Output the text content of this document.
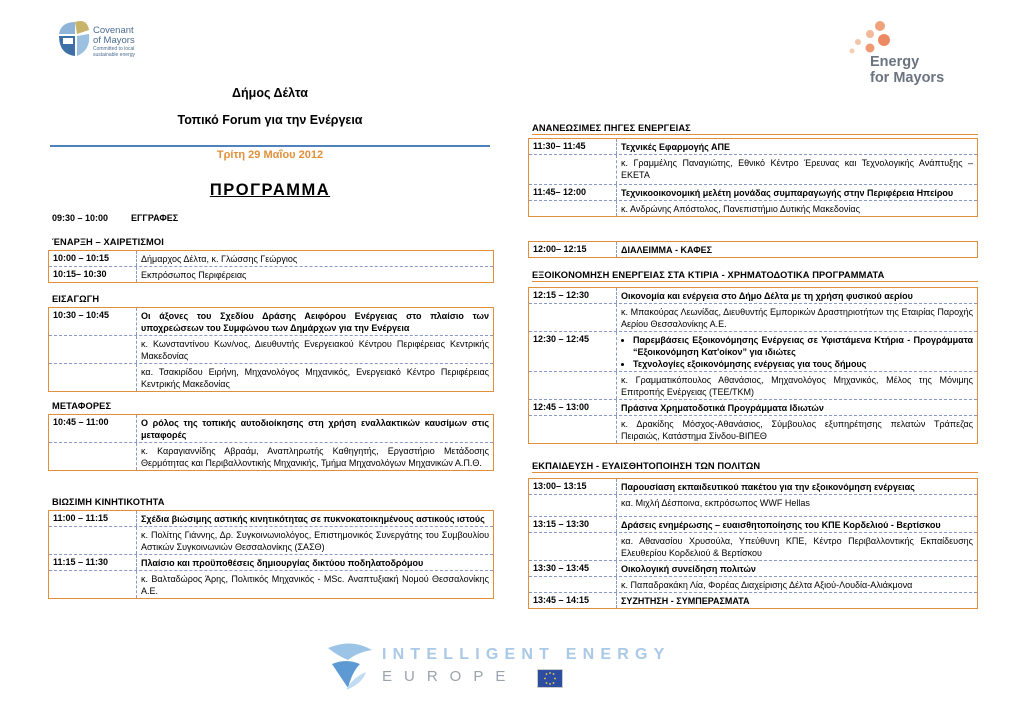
Covenant
of Mayors
Committed to local
sustainable energy	Energy
for Mayors
Δήμος Δέλτα
Τοπικό Forum για την Ενέργεια
Τρίτη 29 Μαΐου 2012
ΠΡΟΓΡΑΜΜΑ
09:30 – 10:00	ΕΓΓΡΑΦΕΣ
ΈΝΑΡΞΗ – ΧΑΙΡΕΤΙΣΜΟΙ
10:00 – 10:15	Δήμαρχος Δέλτα, κ. Γλώσσης Γεώργιος
10:15– 10:30	Εκπρόσωπος Περιφέρειας
ΕΙΣΑΓΩΓΗ
10:30 – 10:45	Οι άξονες του Σχεδίου Δράσης Αειφόρου Ενέργειας στο πλαίσιο των υποχρεώσεων του Συμφώνου των Δημάρχων για την Ενέργεια
κ. Κωνσταντίνου Κων/νος, Διευθυντής Ενεργειακού Κέντρου Περιφέρειας Κεντρικής Μακεδονίας
κα. Τσακιρίδου Ειρήνη, Μηχανολόγος Μηχανικός, Ενεργειακό Κέντρο Περιφέρειας Κεντρικής Μακεδονίας
ΜΕΤΑΦΟΡΕΣ
10:45 – 11:00	Ο ρόλος της τοπικής αυτοδιοίκησης στη χρήση εναλλακτικών καυσίμων στις μεταφορές
κ. Καραγιαννίδης Αβραάμ, Αναπληρωτής Καθηγητής, Εργαστήριο Μετάδοσης Θερμότητας και Περιβαλλοντικής Μηχανικής, Τμήμα Μηχανολόγων Μηχανικών Α.Π.Θ.
ΒΙΩΣΙΜΗ ΚΙΝΗΤΙΚΟΤΗΤΑ
11:00 – 11:15	Σχέδια βιώσιμης αστικής κινητικότητας σε πυκνοκατοικημένους αστικούς ιστούς
κ. Πολίτης Γιάννης, Δρ. Συγκοινωνιολόγος, Επιστημονικός Συνεργάτης του Συμβουλίου Αστικών Συγκοινωνιών Θεσσαλονίκης (ΣΑΣΘ)
11:15 – 11:30	Πλαίσιο και προϋποθέσεις δημιουργίας δικτύου ποδηλατοδρόμου
κ. Βαλταδώρος Άρης, Πολιτικός Μηχανικός - MSc. Αναπτυξιακή Νομού Θεσσαλονίκης Α.Ε.
ΑΝΑΝΕΩΣΙΜΕΣ ΠΗΓΕΣ ΕΝΕΡΓΕΙΑΣ
11:30– 11:45	Τεχνικές Εφαρμογής ΑΠΕ
κ. Γραμμέλης Παναγιώτης, Εθνικό Κέντρο Έρευνας και Τεχνολογικής Ανάπτυξης – ΕΚΕΤΑ
11:45– 12:00	Τεχνικοοικονομική μελέτη μονάδας συμπαραγωγής στην Περιφέρεια Ηπείρου
κ. Ανδρώνης Απόστολος, Πανεπιστήμιο Δυτικής Μακεδονίας
12:00– 12:15	ΔΙΑΛΕΙΜΜΑ - ΚΑΦΕΣ
ΕΞΟΙΚΟΝΟΜΗΣΗ ΕΝΕΡΓΕΙΑΣ ΣΤΑ ΚΤΙΡΙΑ - ΧΡΗΜΑΤΟΔΟΤΙΚΑ ΠΡΟΓΡΑΜΜΑΤΑ
12:15 – 12:30	Οικονομία και ενέργεια στο Δήμο Δέλτα με τη χρήση φυσικού αερίου
κ. Μπακούρας Λεωνίδας, Διευθυντής Εμπορικών Δραστηριοτήτων της Εταιρίας Παροχής Αερίου Θεσσαλονίκης Α.Ε.
12:30 – 12:45
•	Παρεμβάσεις Εξοικονόμησης Ενέργειας σε Υφιστάμενα Κτήρια - Προγράμματα “Εξοικονόμηση Κατ'οίκον” για ιδιώτες
• Τεχνολογίες εξοικονόμησης ενέργειας για τους δήμους
κ. Γραμματικόπουλος Αθανάσιος, Μηχανολόγος Μηχανικός, Μέλος της Μόνιμης Επιτροπής Ενέργειας (ΤΕΕ/ΤΚΜ)
12:45 – 13:00	Πράσινα Χρηματοδοτικά Προγράμματα Ιδιωτών
κ. Δρακίδης Μόσχος-Αθανάσιος, Σύμβουλος εξυπηρέτησης πελατών Τράπεζας Πειραιώς, Κατάστημα Σίνδου-ΒΙΠΕΘ
ΕΚΠΑΙΔΕΥΣΗ - ΕΥΑΙΣΘΗΤΟΠΟΙΗΣΗ ΤΩΝ ΠΟΛΙΤΩΝ
13:00– 13:15	Παρουσίαση εκπαιδευτικού πακέτου για την εξοικονόμηση ενέργειας
κα. Μιχλή Δέσποινα, εκπρόσωπος WWF Hellas
13:15 – 13:30	Δράσεις ενημέρωσης – ευαισθητοποίησης του ΚΠΕ Κορδελιού - Βερτίσκου
κα. Αθανασίου Χρυσούλα, Υπεύθυνη ΚΠΕ, Κέντρο Περιβαλλοντικής Εκπαίδευσης Ελευθερίου Κορδελιού & Βερτίσκου
13:30 – 13:45	Οικολογική συνείδηση πολιτών
κ. Παπαδρακάκη Λία, Φορέας Διαχείρισης Δέλτα Αξιού-Λουδία-Αλιάκμονα
13:45 – 14:15	ΣΥΖΗΤΗΣΗ - ΣΥΜΠΕΡΑΣΜΑΤΑ
INTELLIGENT ENERGY
EUROPE
